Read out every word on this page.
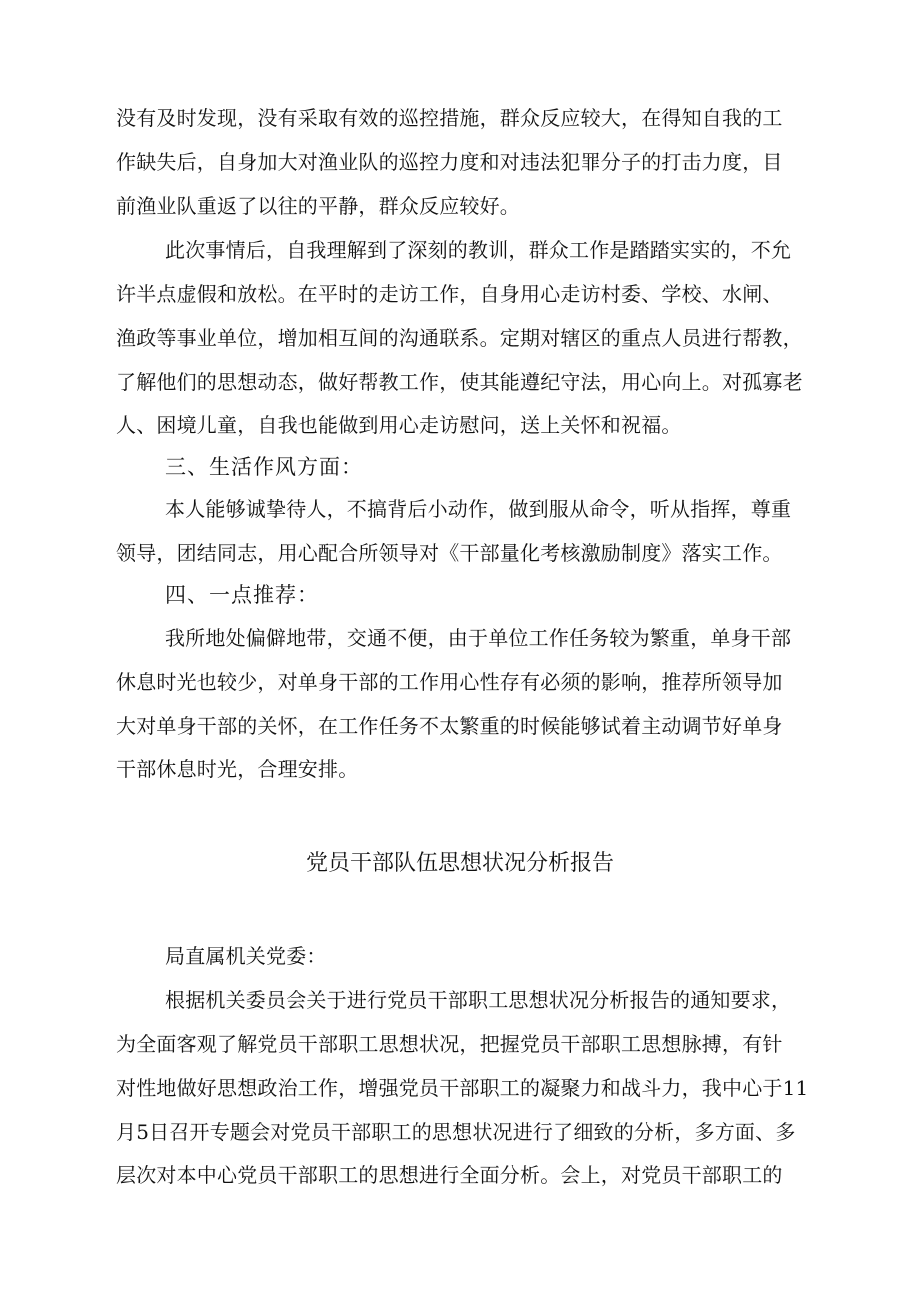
没有及时发现，没有采取有效的巡控措施，群众反应较大，在得知自我的工
作缺失后，自身加大对渔业队的巡控力度和对违法犯罪分子的打击力度，目
前渔业队重返了以往的平静，群众反应较好。
此次事情后，自我理解到了深刻的教训，群众工作是踏踏实实的，不允
许半点虚假和放松。在平时的走访工作，自身用心走访村委、学校、水闸、
渔政等事业单位，增加相互间的沟通联系。定期对辖区的重点人员进行帮教，
了解他们的思想动态，做好帮教工作，使其能遵纪守法，用心向上。对孤寡老
人、困境儿童，自我也能做到用心走访慰问，送上关怀和祝福。
三、生活作风方面：
本人能够诚挚待人，不搞背后小动作，做到服从命令，听从指挥，尊重
领导，团结同志，用心配合所领导对《干部量化考核激励制度》落实工作。
四、一点推荐：
我所地处偏僻地带，交通不便，由于单位工作任务较为繁重，单身干部
休息时光也较少，对单身干部的工作用心性存有必须的影响，推荐所领导加
大对单身干部的关怀，在工作任务不太繁重的时候能够试着主动调节好单身
干部休息时光，合理安排。
党员干部队伍思想状况分析报告
局直属机关党委：
根据机关委员会关于进行党员干部职工思想状况分析报告的通知要求，
为全面客观了解党员干部职工思想状况，把握党员干部职工思想脉搏，有针
对性地做好思想政治工作，增强党员干部职工的凝聚力和战斗力，我中心于11
月5日召开专题会对党员干部职工的思想状况进行了细致的分析，多方面、多
层次对本中心党员干部职工的思想进行全面分析。会上，对党员干部职工的
